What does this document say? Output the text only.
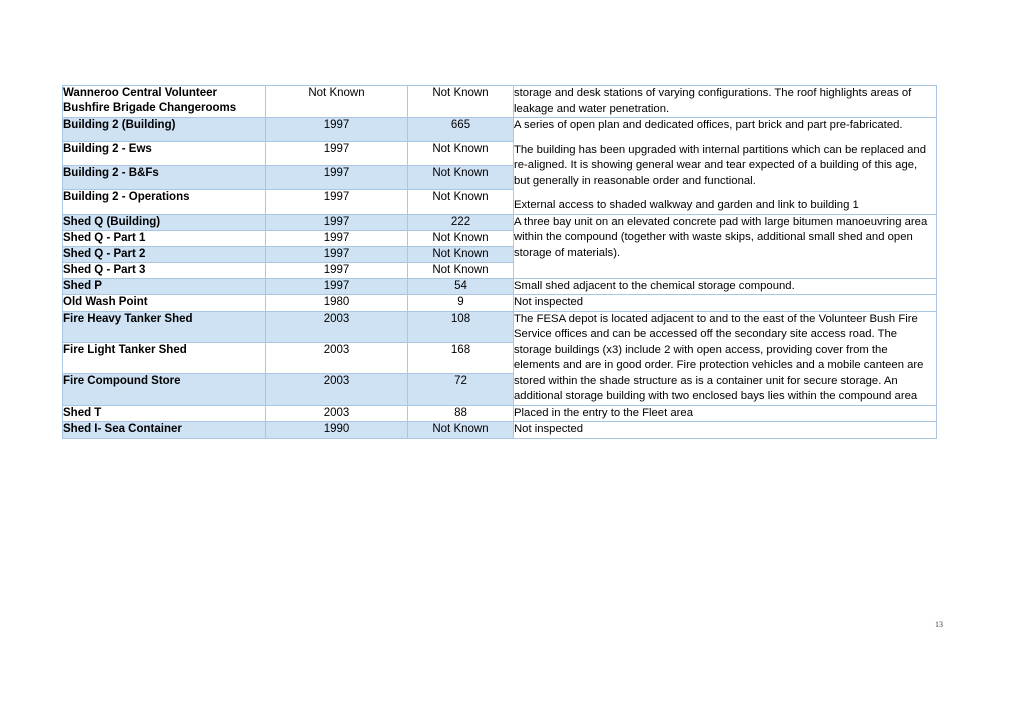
Wanneroo Central Volunteer Bushfire Brigade Changerooms	Not Known	Not Known	storage and desk stations of varying configurations. The roof highlights areas of leakage and water penetration.

Building 2 (Building)	1997	665	A series of open plan and dedicated offices, part brick and part pre-fabricated.

The building has been upgraded with internal partitions which can be replaced and re-aligned. It is showing general wear and tear expected of a building of this age, but generally in reasonable order and functional.

External access to shaded walkway and garden and link to building 1

Building 2 - Ews	1997	Not Known	
Building 2 - B&Fs	1997	Not Known	
Building 2 - Operations	1997	Not Known	
Shed Q (Building)	1997	222	A three bay unit on an elevated concrete pad with large bitumen manoeuvring area within the compound (together with waste skips, additional small shed and open storage of materials).

Shed Q - Part 1	1997	Not Known	
Shed Q - Part 2	1997	Not Known	
Shed Q - Part 3	1997	Not Known	
Shed P	1997	54	Small shed adjacent to the chemical storage compound.

Old Wash Point	1980	9	Not inspected

Fire Heavy Tanker Shed	2003	108	The FESA depot is located adjacent to and to the east of the Volunteer Bush Fire Service offices and can be accessed off the secondary site access road. The storage buildings (x3) include 2 with open access, providing cover from the elements and are in good order. Fire protection vehicles and a mobile canteen are stored within the shade structure as is a container unit for secure storage. An additional storage building with two enclosed bays lies within the compound area

Fire Light Tanker Shed	2003	168	
Fire Compound Store	2003	72	
Shed T	2003	88	Placed in the entry to the Fleet area

Shed I- Sea Container	1990	Not Known	Not inspected

13
